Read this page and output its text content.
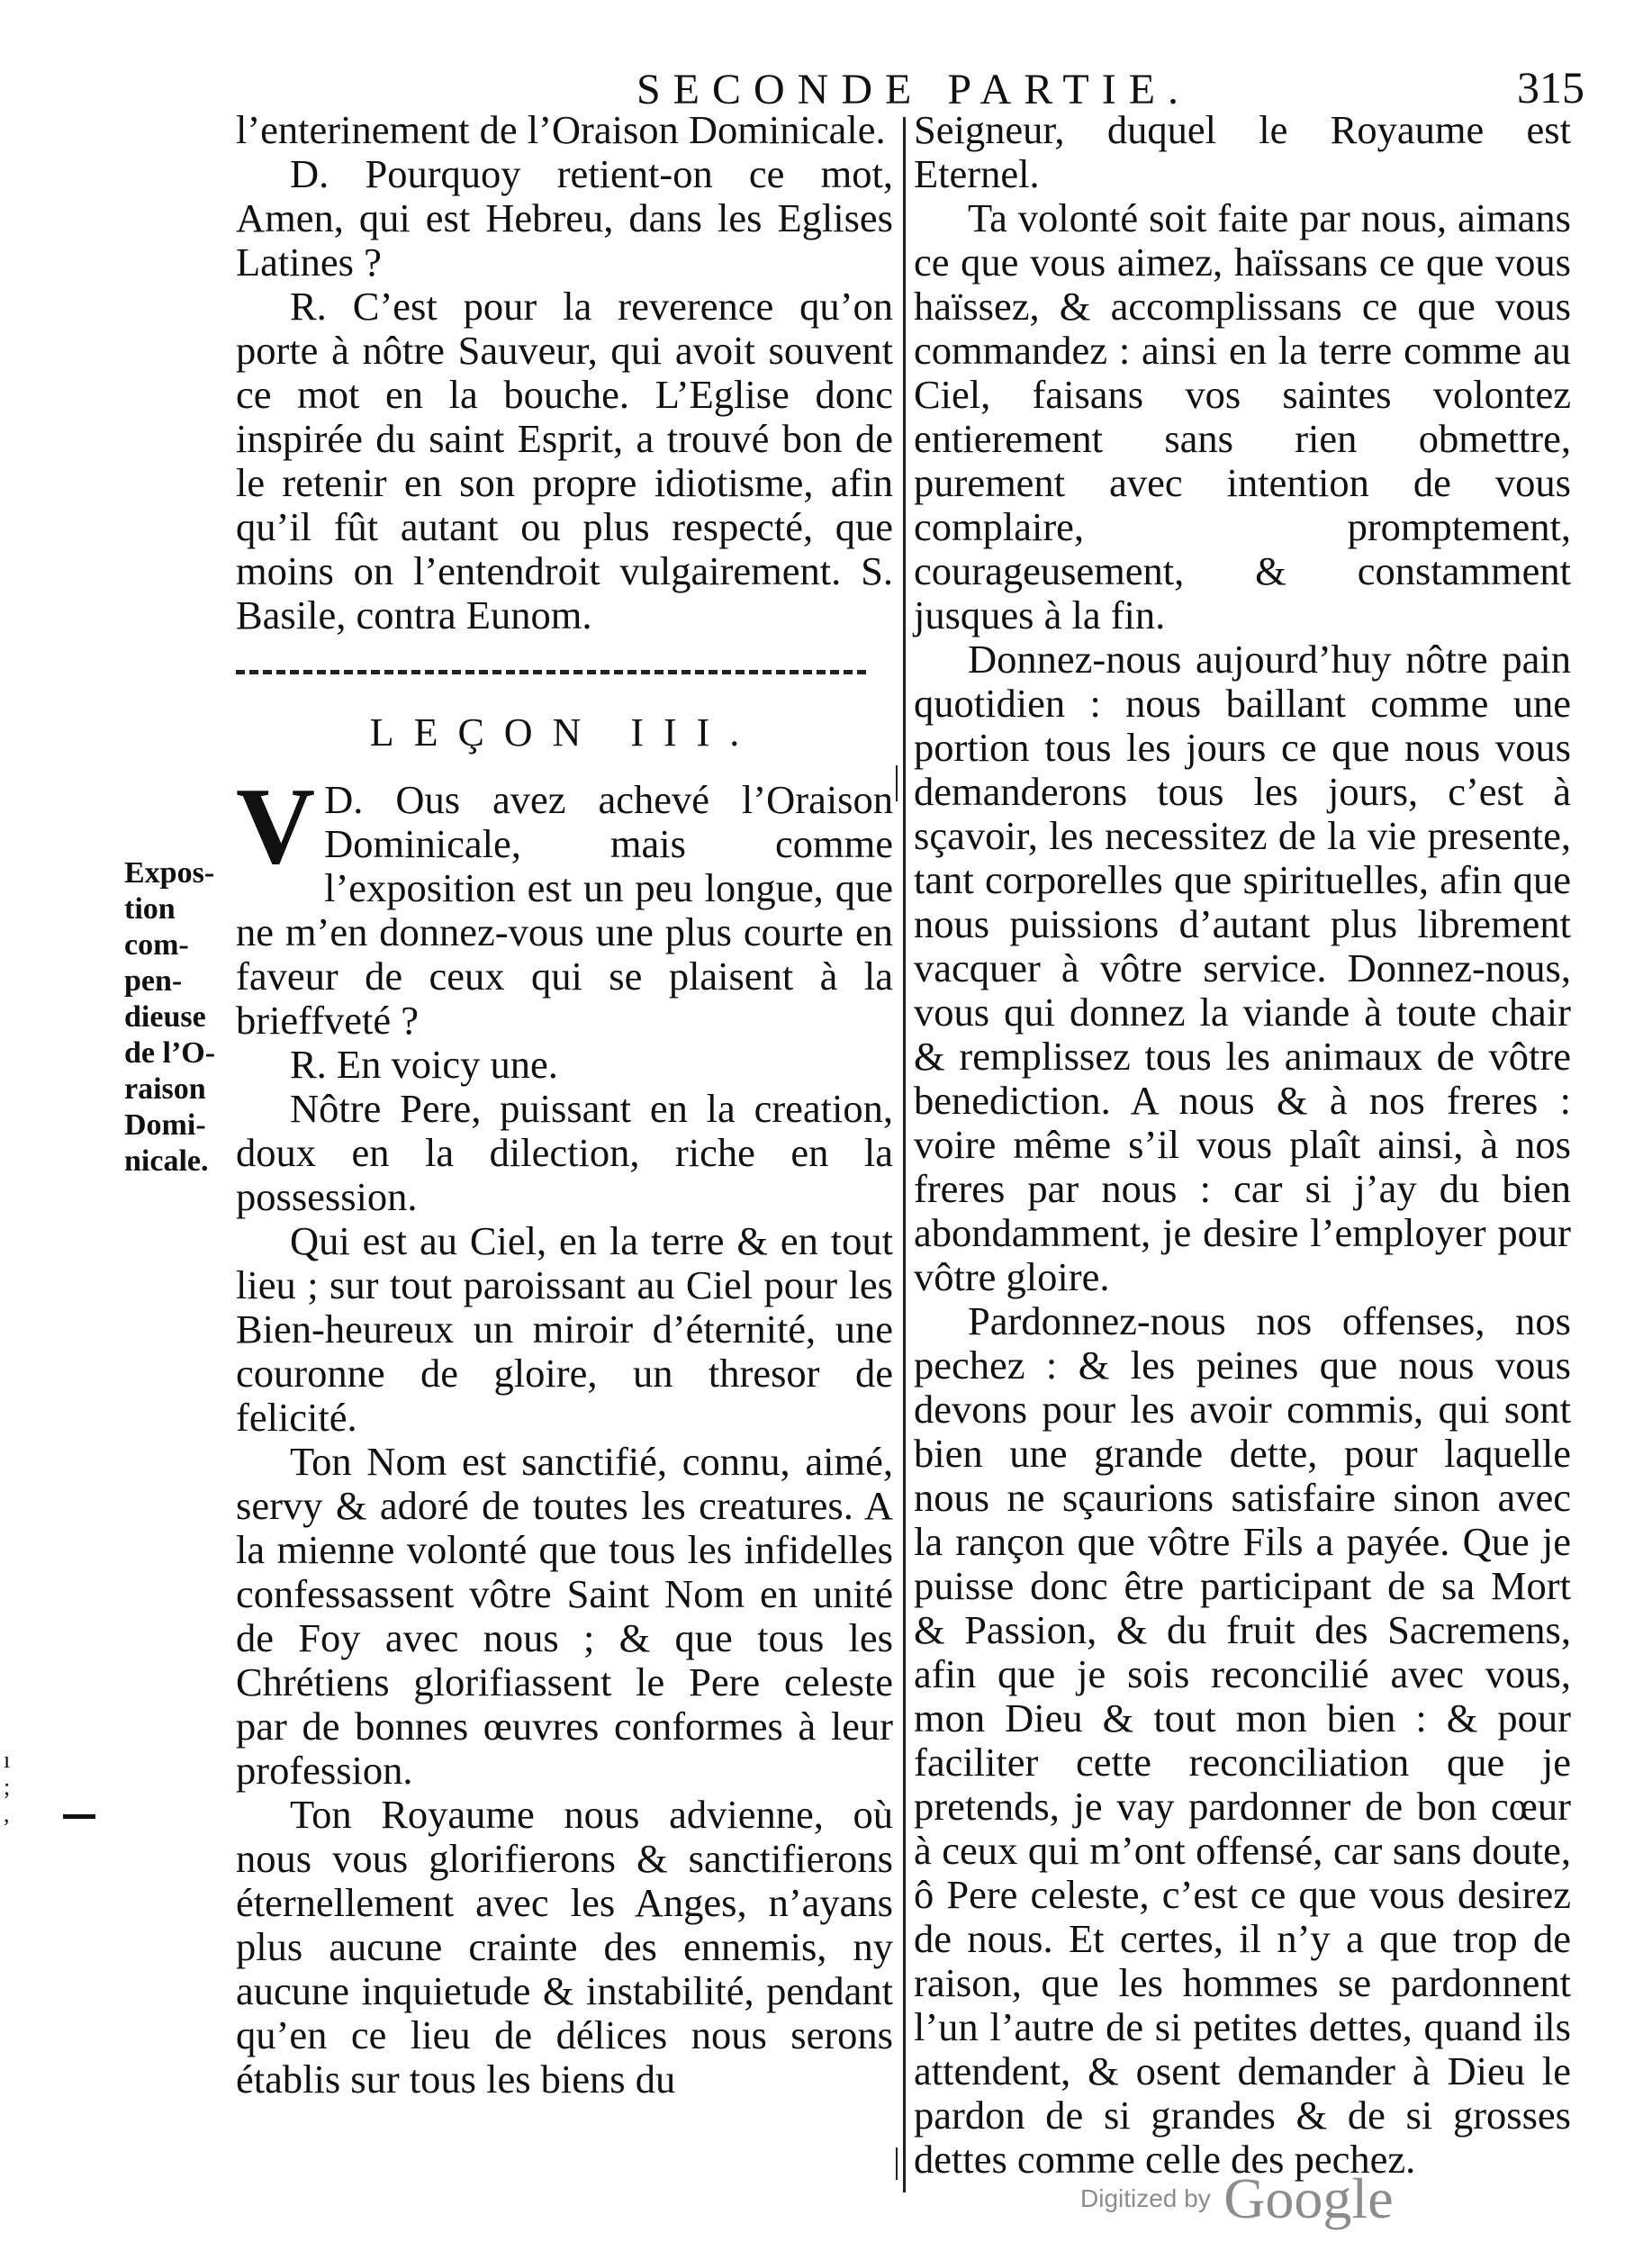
SECONDE PARTIE.	315
Expos-
tion
com-
pen-
dieuse
de l’O-
raison
Domi-
nicale.

l’enterinement de l’Oraison Dominicale.

D. Pourquoy retient-on ce mot, Amen, qui est Hebreu, dans les Eglises Latines ?

R. C’est pour la reverence qu’on porte à nôtre Sauveur, qui avoit souvent ce mot en la bouche. L’Eglise donc inspirée du saint Esprit, a trouvé bon de le retenir en son propre idiotisme, afin qu’il fût autant ou plus respecté, que moins on l’entendroit vulgairement. S. Basile, contra Eunom.

LEÇON III.

D.
V Ous avez achevé l’Oraison Dominicale, mais comme l’exposition est un peu longue, que ne m’en donnez-vous une plus courte en faveur de ceux qui se plaisent à la brieffveté ?

R. En voicy une.

Nôtre Pere, puissant en la creation, doux en la dilection, riche en la possession.

Qui est au Ciel, en la terre & en tout lieu ; sur tout paroissant au Ciel pour les Bien-heureux un miroir d’éternité, une couronne de gloire, un thresor de felicité.

Ton Nom est sanctifié, connu, aimé, servy & adoré de toutes les creatures. A la mienne volonté que tous les infidelles confessassent vôtre Saint Nom en unité de Foy avec nous ; & que tous les Chrétiens glorifiassent le Pere celeste par de bonnes œuvres conformes à leur profession.

Ton Royaume nous advienne, où nous vous glorifierons & sanctifierons éternellement avec les Anges, n’ayans plus aucune crainte des ennemis, ny aucune inquietude & instabilité, pendant qu’en ce lieu de délices nous serons établis sur tous les biens du

Seigneur, duquel le Royaume est Eternel.

Ta volonté soit faite par nous, aimans ce que vous aimez, haïssans ce que vous haïssez, & accomplissans ce que vous commandez : ainsi en la terre comme au Ciel, faisans vos saintes volontez entierement sans rien obmettre, purement avec intention de vous complaire, promptement, courageusement, & constamment jusques à la fin.

Donnez-nous aujourd’huy nôtre pain quotidien : nous baillant comme une portion tous les jours ce que nous vous demanderons tous les jours, c’est à sçavoir, les necessitez de la vie presente, tant corporelles que spirituelles, afin que nous puissions d’autant plus librement vacquer à vôtre service. Donnez-nous, vous qui donnez la viande à toute chair & remplissez tous les animaux de vôtre benediction. A nous & à nos freres : voire même s’il vous plaît ainsi, à nos freres par nous : car si j’ay du bien abondamment, je desire l’employer pour vôtre gloire.

Pardonnez-nous nos offenses, nos pechez : & les peines que nous vous devons pour les avoir commis, qui sont bien une grande dette, pour laquelle nous ne sçaurions satisfaire sinon avec la rançon que vôtre Fils a payée. Que je puisse donc être participant de sa Mort & Passion, & du fruit des Sacremens, afin que je sois reconcilié avec vous, mon Dieu & tout mon bien : & pour faciliter cette reconciliation que je pretends, je vay pardonner de bon cœur à ceux qui m’ont offensé, car sans doute, ô Pere celeste, c’est ce que vous desirez de nous. Et certes, il n’y a que trop de raison, que les hommes se pardonnent l’un l’autre de si petites dettes, quand ils attendent, & osent demander à Dieu le pardon de si grandes & de si grosses dettes comme celle des pechez.

ı
;
,
Digitized by Google
